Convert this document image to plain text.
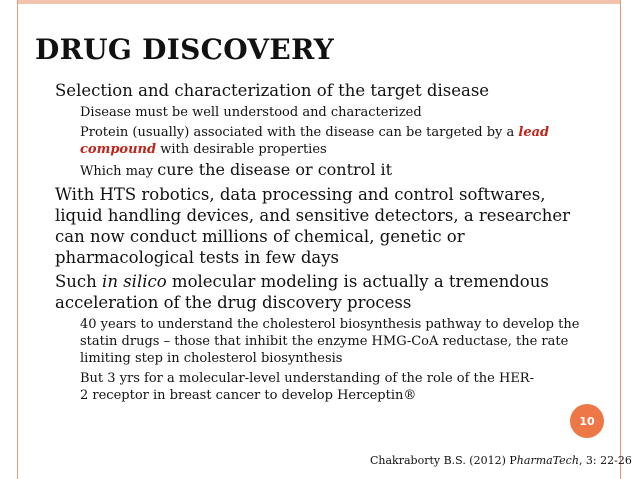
DRUG DISCOVERY
Selection and characterization of the target disease
Disease must be well understood and characterized
Protein (usually) associated with the disease can be targeted by a lead compound with desirable properties
Which may cure the disease or control it
With HTS robotics, data processing and control softwares, liquid handling devices, and sensitive detectors, a researcher can now conduct millions of chemical, genetic or pharmacological tests in few days
Such in silico molecular modeling is actually a tremendous acceleration of the drug discovery process
40 years to understand the cholesterol biosynthesis pathway to develop the statin drugs – those that inhibit the enzyme HMG-CoA reductase, the rate limiting step in cholesterol biosynthesis
But 3 yrs for a molecular-level understanding of the role of the HER-2 receptor in breast cancer to develop Herceptin®
10
Chakraborty B.S. (2012) PharmaTech, 3: 22-26
